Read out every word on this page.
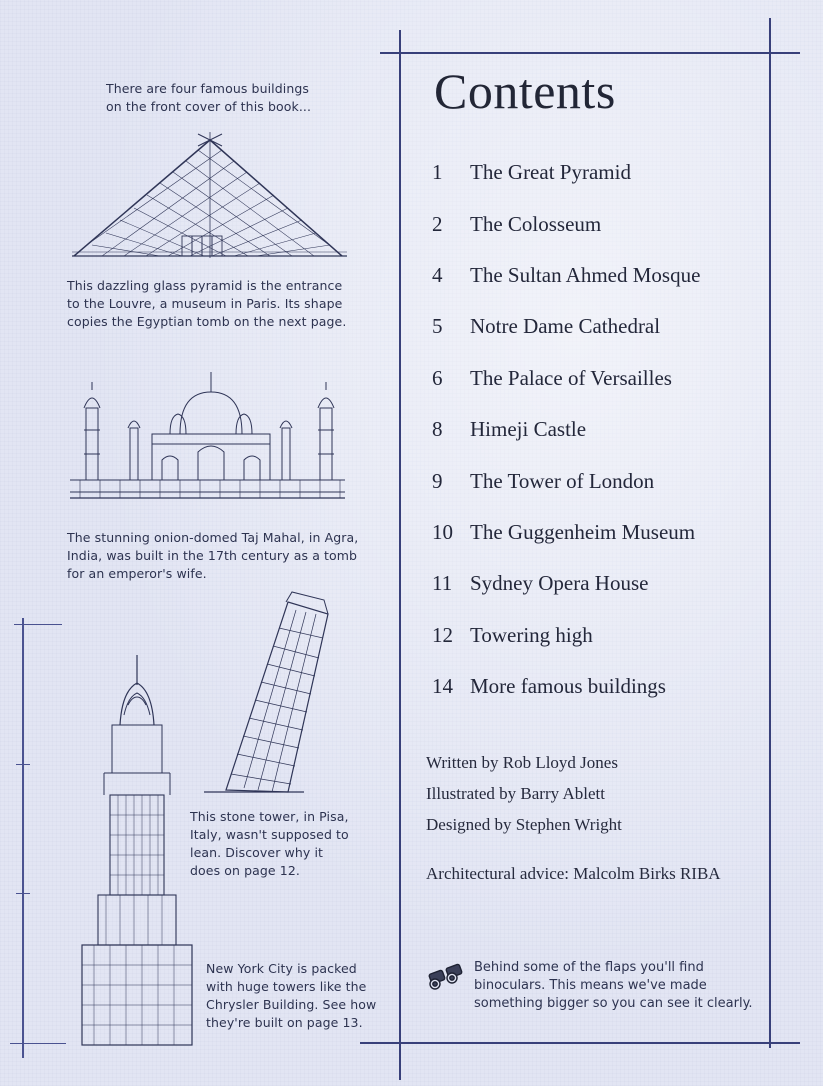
There are four famous buildings
on the front cover of this book...
This dazzling glass pyramid is the entrance
to the Louvre, a museum in Paris. Its shape
copies the Egyptian tomb on the next page.
The stunning onion-domed Taj Mahal, in Agra,
India, was built in the 17th century as a tomb
for an emperor's wife.
This stone tower, in Pisa,
Italy, wasn't supposed to
lean. Discover why it
does on page 12.
New York City is packed
with huge towers like the
Chrysler Building. See how
they're built on page 13.
Contents
1	The Great Pyramid
2	The Colosseum
4	The Sultan Ahmed Mosque
5	Notre Dame Cathedral
6	The Palace of Versailles
8	Himeji Castle
9	The Tower of London
10 The Guggenheim Museum
11 Sydney Opera House
12 Towering high
14 More famous buildings
Written by Rob Lloyd Jones
Illustrated by Barry Ablett
Designed by Stephen Wright
Architectural advice: Malcolm Birks RIBA
Behind some of the flaps you'll find
binoculars. This means we've made
something bigger so you can see it clearly.
